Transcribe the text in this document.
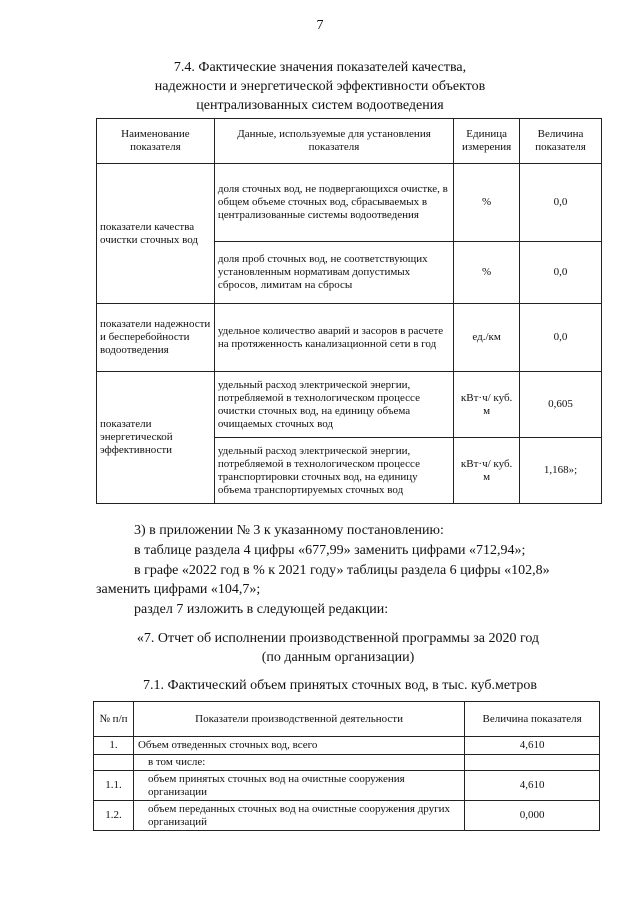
7
7.4. Фактические значения показателей качества,
надежности и энергетической эффективности объектов
централизованных систем водоотведения
Наименование показателя	Данные, используемые для установления показателя	Единица измерения	Величина показателя
показатели качества очистки сточных вод	доля сточных вод, не подвергающихся очистке, в общем объеме сточных вод, сбрасываемых в централизованные системы водоотведения	%	0,0
	доля проб сточных вод, не соответствующих установленным нормативам допустимых сбросов, лимитам на сбросы	%	0,0
показатели надежности и бесперебойности водоотведения	удельное количество аварий и засоров в расчете на протяженность канализационной сети в год	ед./км	0,0
показатели энергетической эффективности	удельный расход электрической энергии, потребляемой в технологическом процессе очистки сточных вод, на единицу объема очищаемых сточных вод	кВт·ч/ куб. м	0,605
	удельный расход электрической энергии, потребляемой в технологическом процессе транспортировки сточных вод, на единицу объема транспортируемых сточных вод	кВт·ч/ куб. м	1,168»;
3) в приложении № 3 к указанному постановлению:
в таблице раздела 4 цифры «677,99» заменить цифрами «712,94»;
в графе «2022 год в % к 2021 году» таблицы раздела 6 цифры «102,8»
заменить цифрами «104,7»;
раздел 7 изложить в следующей редакции:
«7. Отчет об исполнении производственной программы за 2020 год
(по данным организации)
7.1. Фактический объем принятых сточных вод, в тыс. куб.метров
№ п/п	Показатели производственной деятельности	Величина показателя
1.	Объем отведенных сточных вод, всего	4,610
	в том числе:	
1.1.	объем принятых сточных вод на очистные сооружения организации	4,610
1.2.	объем переданных сточных вод на очистные сооружения других организаций	0,000
